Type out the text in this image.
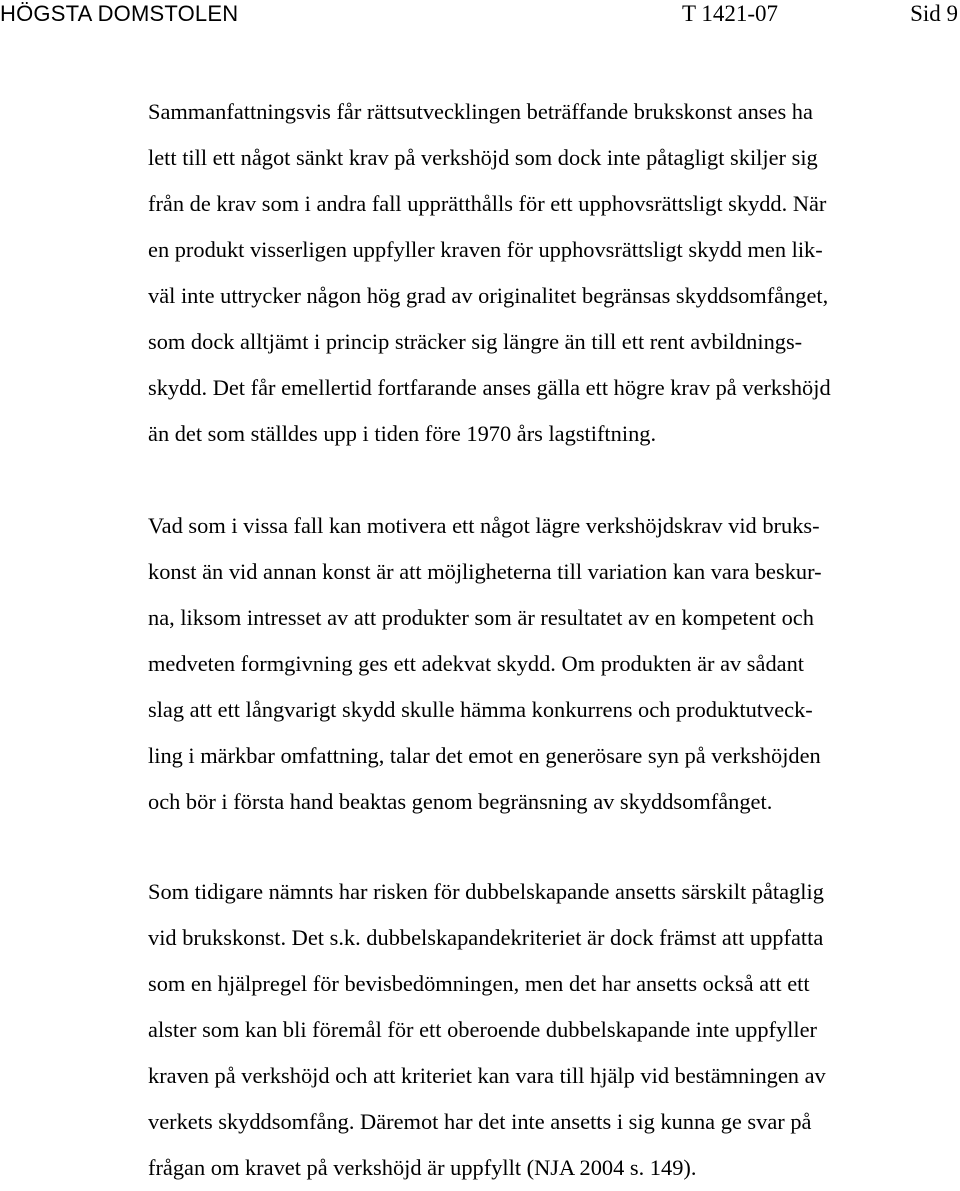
HÖGSTA DOMSTOLEN	T 1421-07	Sid 9

Sammanfattningsvis får rättsutvecklingen beträffande brukskonst anses ha
lett till ett något sänkt krav på verkshöjd som dock inte påtagligt skiljer sig
från de krav som i andra fall upprätthålls för ett upphovsrättsligt skydd. När
en produkt visserligen uppfyller kraven för upphovsrättsligt skydd men lik-
väl inte uttrycker någon hög grad av originalitet begränsas skyddsomfånget,
som dock alltjämt i princip sträcker sig längre än till ett rent avbildnings-
skydd. Det får emellertid fortfarande anses gälla ett högre krav på verkshöjd
än det som ställdes upp i tiden före 1970 års lagstiftning.

Vad som i vissa fall kan motivera ett något lägre verkshöjdskrav vid bruks-
konst än vid annan konst är att möjligheterna till variation kan vara beskur-
na, liksom intresset av att produkter som är resultatet av en kompetent och
medveten formgivning ges ett adekvat skydd. Om produkten är av sådant
slag att ett långvarigt skydd skulle hämma konkurrens och produktutveck-
ling i märkbar omfattning, talar det emot en generösare syn på verkshöjden
och bör i första hand beaktas genom begränsning av skyddsomfånget.

Som tidigare nämnts har risken för dubbelskapande ansetts särskilt påtaglig
vid brukskonst. Det s.k. dubbelskapandekriteriet är dock främst att uppfatta
som en hjälpregel för bevisbedömningen, men det har ansetts också att ett
alster som kan bli föremål för ett oberoende dubbelskapande inte uppfyller
kraven på verkshöjd och att kriteriet kan vara till hjälp vid bestämningen av
verkets skyddsomfång. Däremot har det inte ansetts i sig kunna ge svar på
frågan om kravet på verkshöjd är uppfyllt (NJA 2004 s. 149).
